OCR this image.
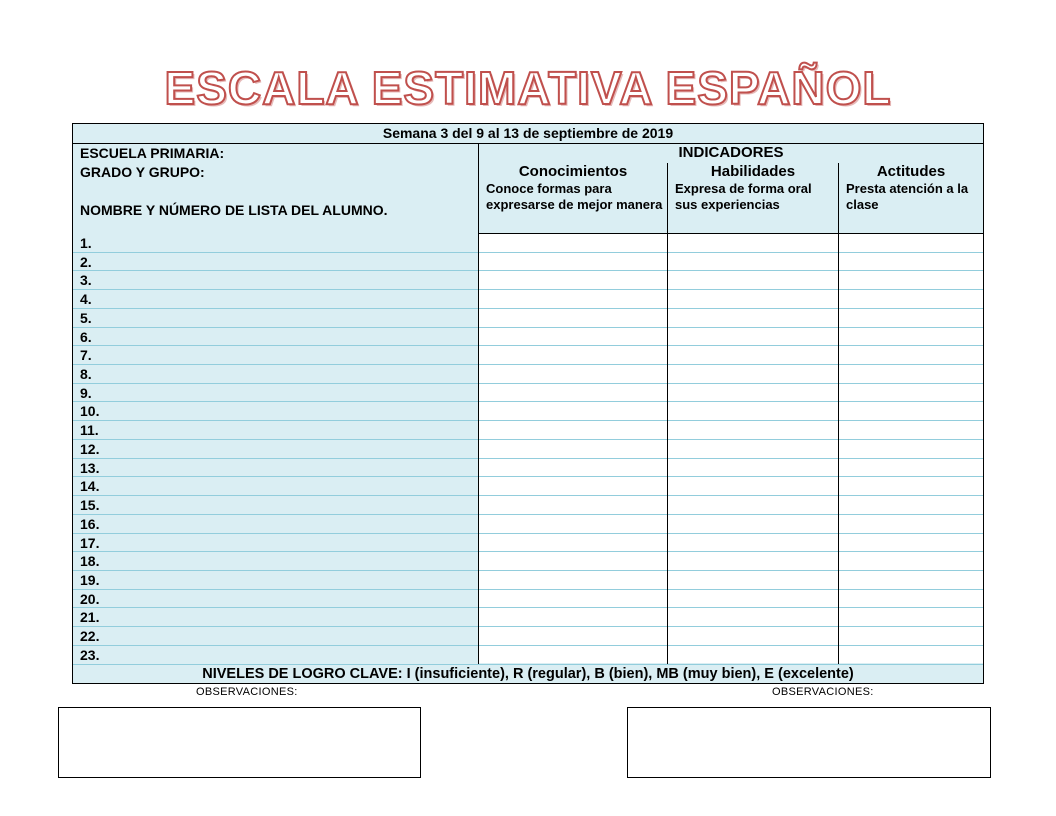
ESCALA ESTIMATIVA ESPAÑOL
Semana 3 del 9 al 13 de septiembre de 2019
ESCUELA PRIMARIA:
GRADO Y GRUPO:
NOMBRE Y NÚMERO DE LISTA DEL ALUMNO.
INDICADORES
Conocimientos
Conoce formas para expresarse de mejor manera
Habilidades
Expresa de forma oral sus experiencias
Actitudes
Presta atención a la clase
NIVELES DE LOGRO CLAVE: I (insuficiente), R (regular), B (bien), MB (muy bien), E (excelente)
1.
2.
3.
4.
5.
6.
7.
8.
9.
10.
11.
12.
13.
14.
15.
16.
17.
18.
19.
20.
21.
22.
23.
OBSERVACIONES:	OBSERVACIONES:
